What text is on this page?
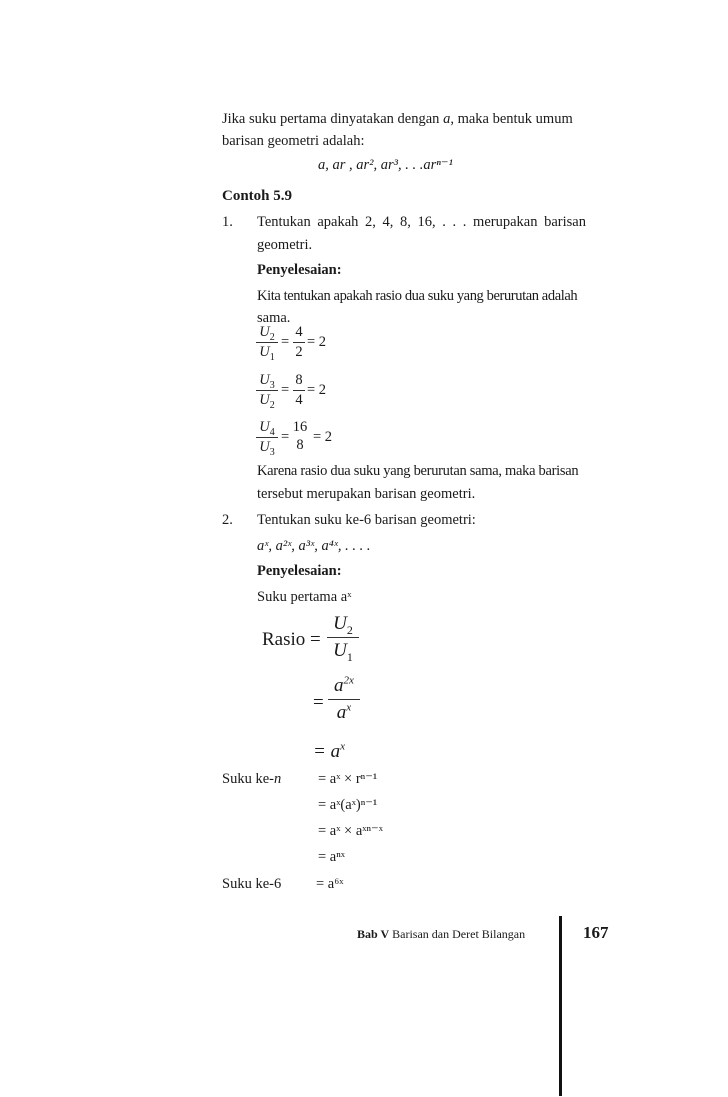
Jika suku pertama dinyatakan dengan a, maka bentuk umum
barisan geometri adalah:
a, ar , ar², ar³, . . .arⁿ⁻¹
Contoh 5.9
1. Tentukan apakah 2, 4, 8, 16, . . . merupakan barisan
geometri.
Penyelesaian:
Kita tentukan apakah rasio dua suku yang berurutan adalah
sama.
$U_2$
$U_1$
=
4
2
= 2
$U_3$
$U_2$
=
8
4
= 2
$U_4$
$U_3$
=
16
8 = 2
Karena rasio dua suku yang berurutan sama, maka barisan
tersebut merupakan barisan geometri.
2. Tentukan suku ke-6 barisan geometri:
aˣ, a²ˣ, a³ˣ, a⁴ˣ, . . . .
Penyelesaian:
Suku pertama aˣ
Rasio =
$U_2$
$U_1$
=
$a^{2x}$
$a^x$
= $a^x$
Suku ke-n	= aˣ × rⁿ⁻¹
= aˣ(aˣ)ⁿ⁻¹
= aˣ × aˣⁿ⁻ˣ
= aⁿˣ
Suku ke-6 = a⁶ˣ
Bab V Barisan dan Deret Bilangan	167
